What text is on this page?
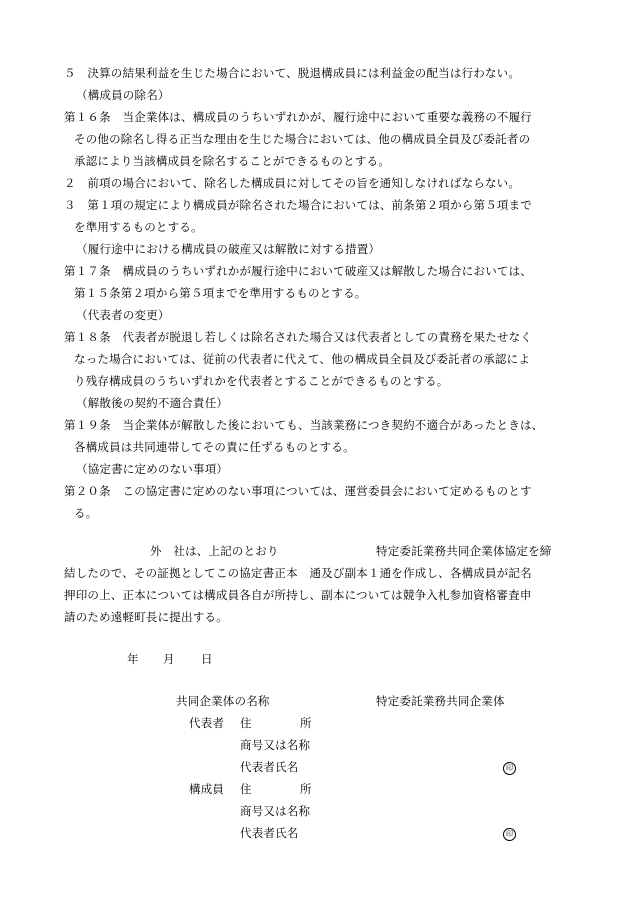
５　決算の結果利益を生じた場合において、脱退構成員には利益金の配当は行わない。
（構成員の除名）
第１６条　当企業体は、構成員のうちいずれかが、履行途中において重要な義務の不履行
その他の除名し得る正当な理由を生じた場合においては、他の構成員全員及び委託者の
承認により当該構成員を除名することができるものとする。
２　前項の場合において、除名した構成員に対してその旨を通知しなければならない。
３　第１項の規定により構成員が除名された場合においては、前条第２項から第５項まで
を準用するものとする。
（履行途中における構成員の破産又は解散に対する措置）
第１７条　構成員のうちいずれかが履行途中において破産又は解散した場合においては、
第１５条第２項から第５項までを準用するものとする。
（代表者の変更）
第１８条　代表者が脱退し若しくは除名された場合又は代表者としての責務を果たせなく
なった場合においては、従前の代表者に代えて、他の構成員全員及び委託者の承認によ
り残存構成員のうちいずれかを代表者とすることができるものとする。
（解散後の契約不適合責任）
第１９条　当企業体が解散した後においても、当該業務につき契約不適合があったときは、
各構成員は共同連帯してその責に任ずるものとする。
（協定書に定めのない事項）
第２０条　この協定書に定めのない事項については、運営委員会において定めるものとす
る。
外　社は、上記のとおり	特定委託業務共同企業体協定を締
結したので、その証拠としてこの協定書正本　通及び副本１通を作成し、各構成員が記名
押印の上、正本については構成員各自が所持し、副本については競争入札参加資格審査申
請のため遠軽町長に提出する。
年 月 日
共同企業体の名称	特定委託業務共同企業体
代表者 住	所
商号又は名称
代表者氏名	印
構成員 住	所
商号又は名称
代表者氏名	印
